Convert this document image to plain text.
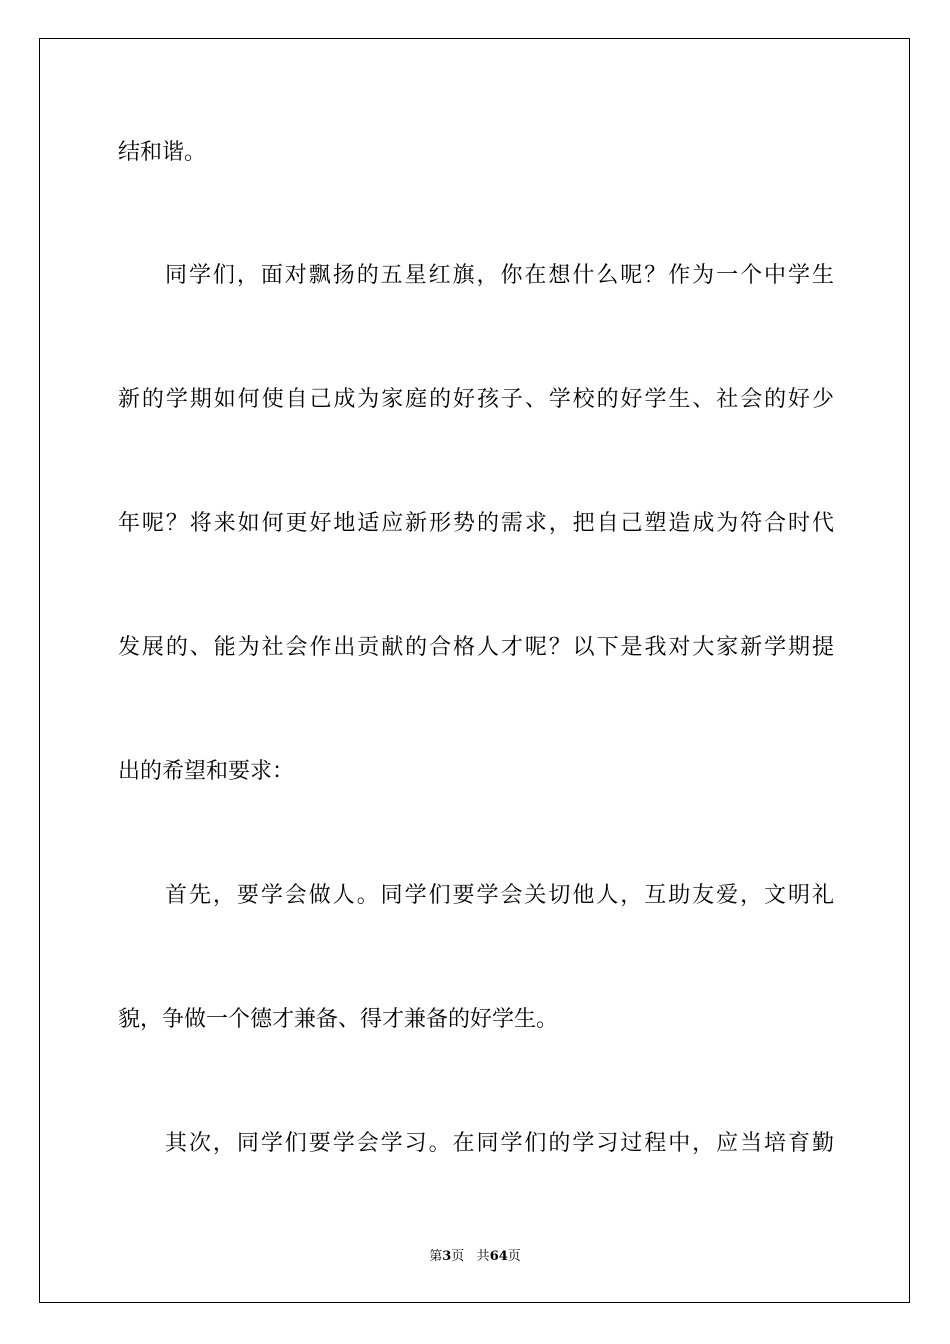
结和谐。

同学们，面对飘扬的五星红旗，你在想什么呢？作为一个中学生

新的学期如何使自己成为家庭的好孩子、学校的好学生、社会的好少

年呢？将来如何更好地适应新形势的需求，把自己塑造成为符合时代

发展的、能为社会作出贡献的合格人才呢？以下是我对大家新学期提

出的希望和要求：

首先，要学会做人。同学们要学会关切他人，互助友爱，文明礼

貌，争做一个德才兼备、得才兼备的好学生。

其次，同学们要学会学习。在同学们的学习过程中，应当培育勤

第3页 共64页
